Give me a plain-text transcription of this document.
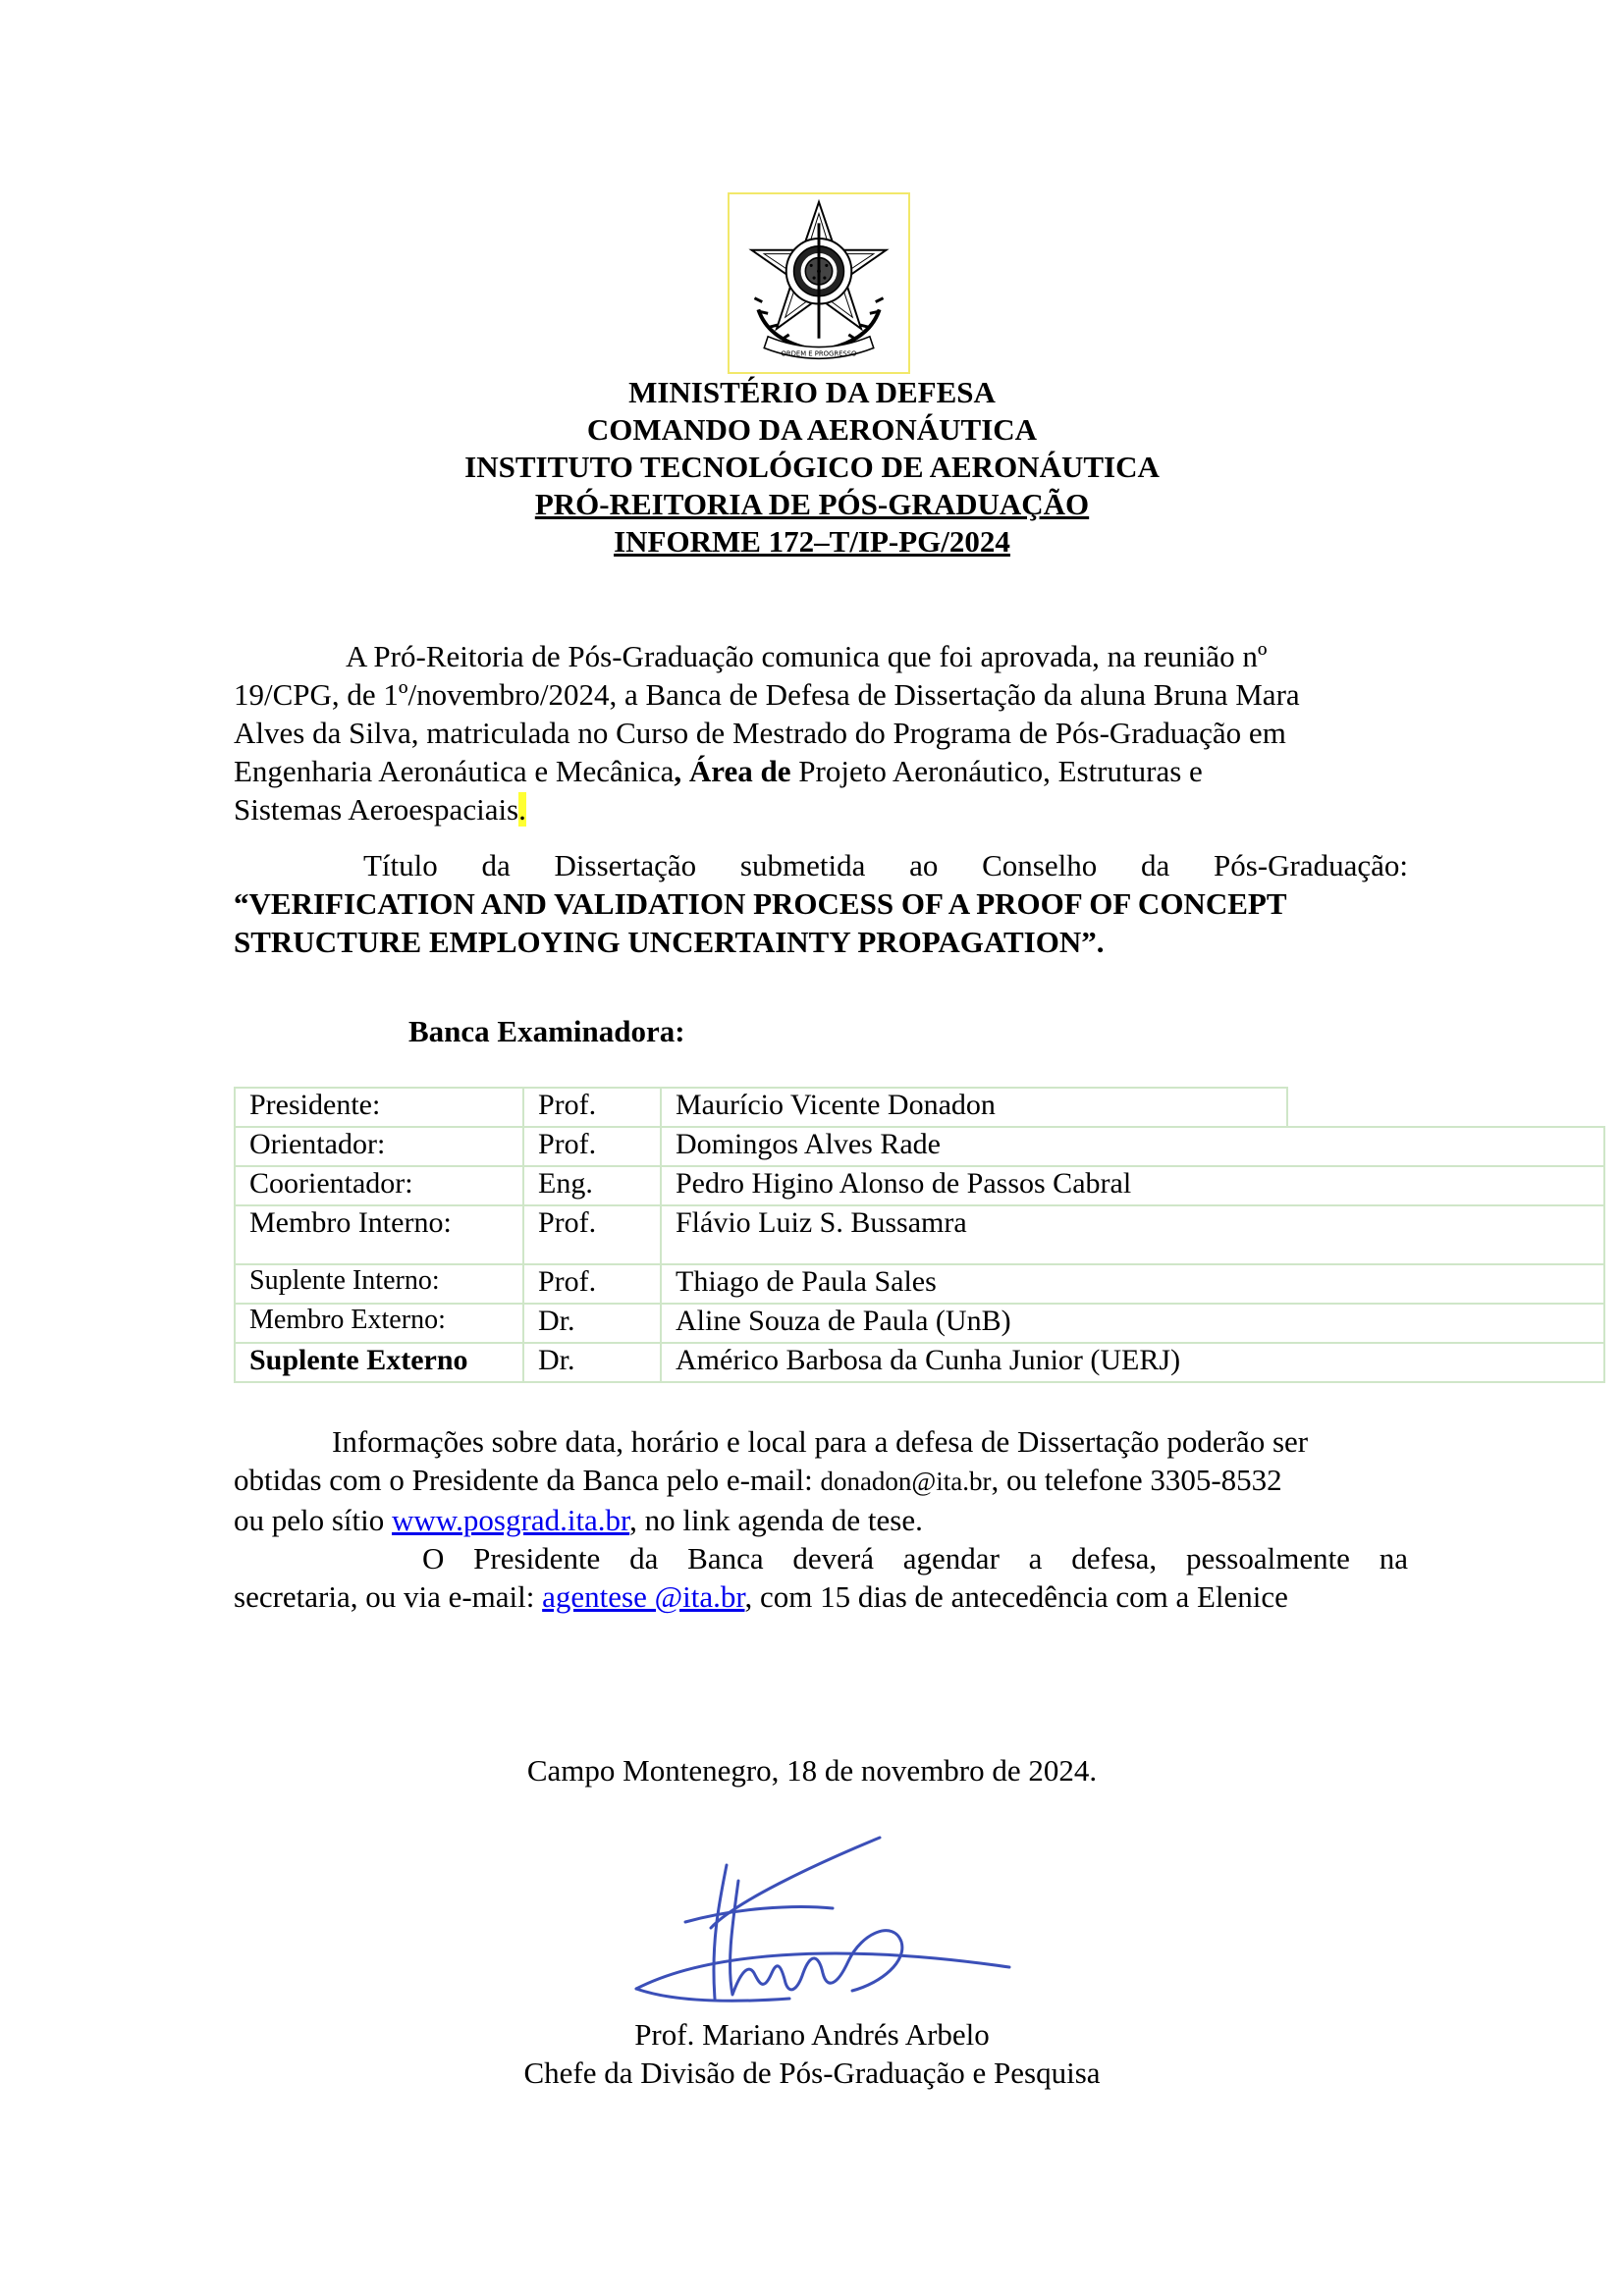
ORDEM E PROGRESSO
MINISTÉRIO DA DEFESA
COMANDO DA AERONÁUTICA
INSTITUTO TECNOLÓGICO DE AERONÁUTICA
PRÓ-REITORIA DE PÓS-GRADUAÇÃO
INFORME 172–T/IP-PG/2024
A Pró-Reitoria de Pós-Graduação comunica que foi aprovada, na reunião nº
19/CPG, de 1º/novembro/2024, a Banca de Defesa de Dissertação da aluna Bruna Mara
Alves da Silva, matriculada no Curso de Mestrado do Programa de Pós-Graduação em
Engenharia Aeronáutica e Mecânica, Área de Projeto Aeronáutico, Estruturas e
Sistemas Aeroespaciais.
Título da Dissertação submetida ao Conselho da Pós-Graduação:
“VERIFICATION AND VALIDATION PROCESS OF A PROOF OF CONCEPT
STRUCTURE EMPLOYING UNCERTAINTY PROPAGATION”.
Banca Examinadora:
Presidente:	Prof.	Maurício Vicente Donadon	
Orientador:	Prof.	Domingos Alves Rade	
Coorientador:	Eng.	Pedro Higino Alonso de Passos Cabral	
Membro Interno:	Prof.	Flávio Luiz S. Bussamra	
Suplente Interno:	Prof.	Thiago de Paula Sales	
Membro Externo:	Dr.	Aline Souza de Paula (UnB)	
Suplente Externo	Dr.	Américo Barbosa da Cunha Junior (UERJ)	
Informações sobre data, horário e local para a defesa de Dissertação poderão ser
obtidas com o Presidente da Banca pelo e-mail: donadon@ita.br, ou telefone 3305-8532
ou pelo sítio www.posgrad.ita.br, no link agenda de tese.
O Presidente da Banca deverá agendar a defesa, pessoalmente na
secretaria, ou via e-mail: agentese @ita.br, com 15 dias de antecedência com a Elenice
Campo Montenegro, 18 de novembro de 2024.
Prof. Mariano Andrés Arbelo
Chefe da Divisão de Pós-Graduação e Pesquisa
